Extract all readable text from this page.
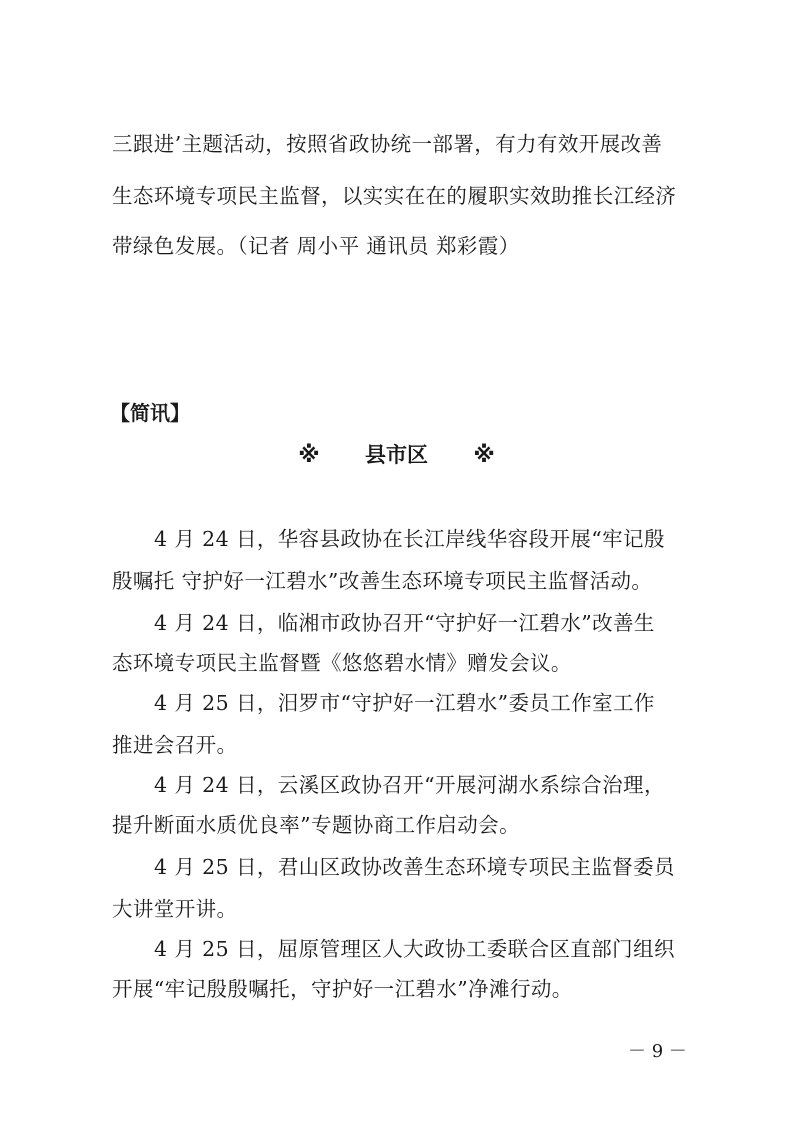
三跟进’主题活动，按照省政协统一部署，有力有效开展改善
生态环境专项民主监督，以实实在在的履职实效助推长江经济
带绿色发展。（记者 周小平 通讯员 郑彩霞）
【简讯】
※ 县市区 ※
4 月 24 日，华容县政协在长江岸线华容段开展“牢记殷
殷嘱托 守护好一江碧水”改善生态环境专项民主监督活动。
4 月 24 日，临湘市政协召开“守护好一江碧水”改善生
态环境专项民主监督暨《悠悠碧水情》赠发会议。
4 月 25 日，汨罗市“守护好一江碧水”委员工作室工作
推进会召开。
4 月 24 日，云溪区政协召开“开展河湖水系综合治理，
提升断面水质优良率”专题协商工作启动会。
4 月 25 日，君山区政协改善生态环境专项民主监督委员
大讲堂开讲。
4 月 25 日，屈原管理区人大政协工委联合区直部门组织
开展“牢记殷殷嘱托，守护好一江碧水”净滩行动。
－ 9 －
